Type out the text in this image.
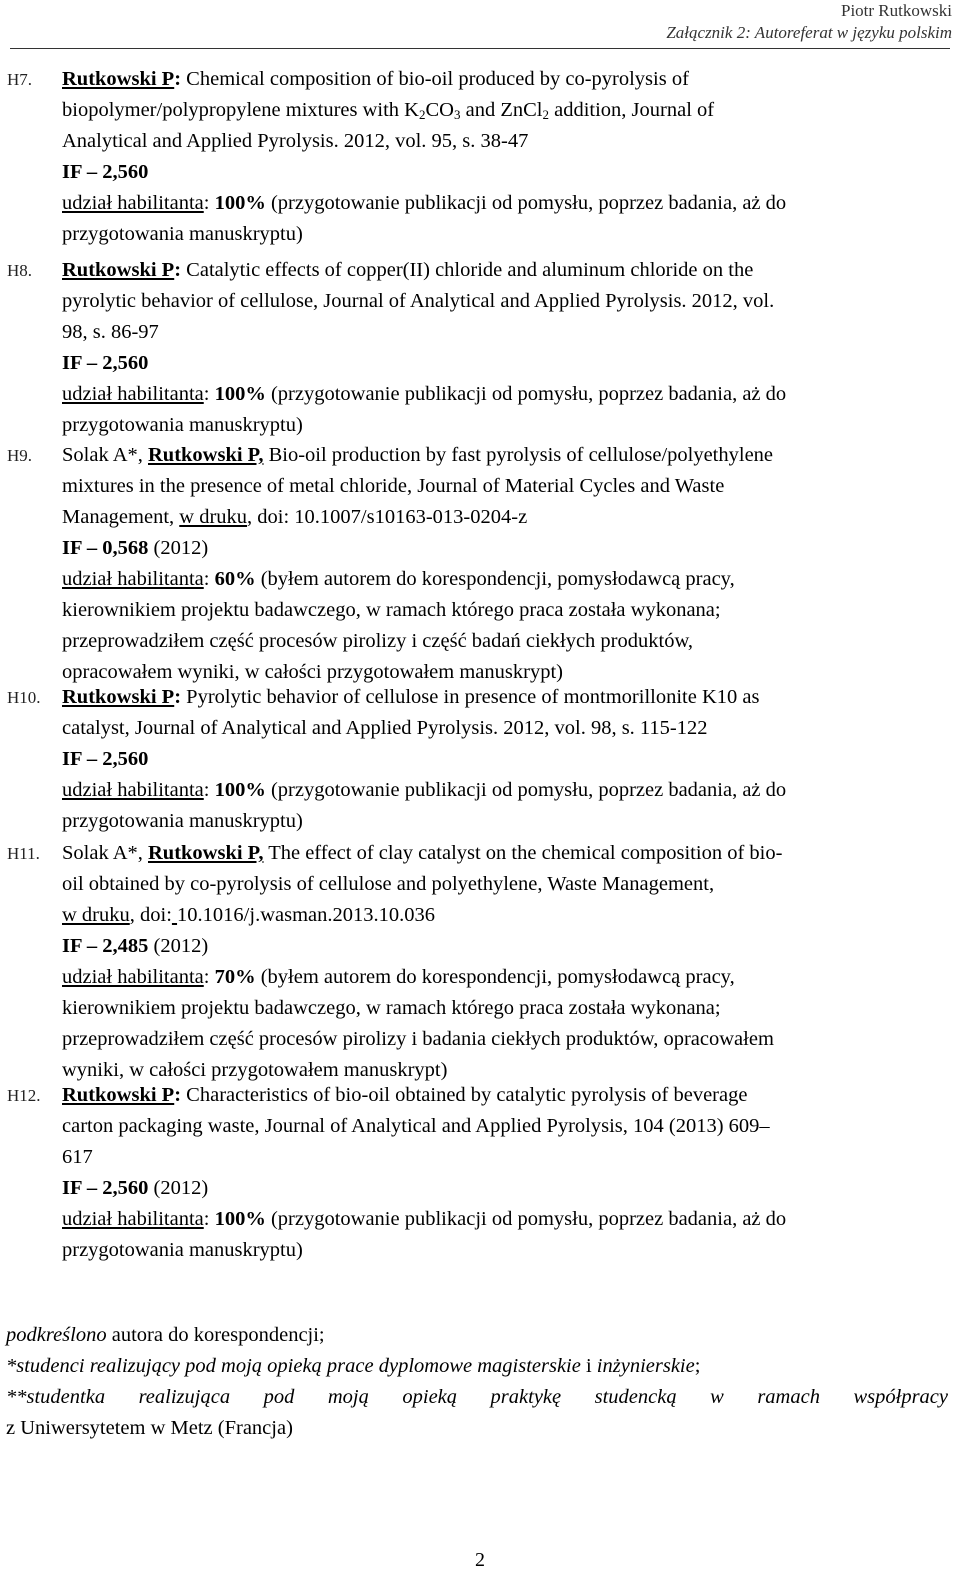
Piotr Rutkowski
Załącznik 2: Autoreferat w języku polskim
H7. Rutkowski P: Chemical composition of bio-oil produced by co-pyrolysis of
biopolymer/polypropylene mixtures with $K_2CO_3$ and ZnCl$_2$ addition, Journal of
Analytical and Applied Pyrolysis. 2012, vol. 95, s. 38-47
IF – 2,560
udział habilitanta: 100% (przygotowanie publikacji od pomysłu, poprzez badania, aż do
przygotowania manuskryptu)
H8. Rutkowski P: Catalytic effects of copper(II) chloride and aluminum chloride on the
pyrolytic behavior of cellulose, Journal of Analytical and Applied Pyrolysis. 2012, vol.
98, s. 86-97
IF – 2,560
udział habilitanta: 100% (przygotowanie publikacji od pomysłu, poprzez badania, aż do
przygotowania manuskryptu)
H9. Solak A*, Rutkowski P, Bio-oil production by fast pyrolysis of cellulose/polyethylene
mixtures in the presence of metal chloride, Journal of Material Cycles and Waste
Management, w druku, doi: 10.1007/s10163-013-0204-z
IF – 0,568 (2012)
udział habilitanta: 60% (byłem autorem do korespondencji, pomysłodawcą pracy,
kierownikiem projektu badawczego, w ramach którego praca została wykonana;
przeprowadziłem część procesów pirolizy i część badań ciekłych produktów,
opracowałem wyniki, w całości przygotowałem manuskrypt)
H10. Rutkowski P: Pyrolytic behavior of cellulose in presence of montmorillonite K10 as
catalyst, Journal of Analytical and Applied Pyrolysis. 2012, vol. 98, s. 115-122
IF – 2,560
udział habilitanta: 100% (przygotowanie publikacji od pomysłu, poprzez badania, aż do
przygotowania manuskryptu)
H11. Solak A*, Rutkowski P, The effect of clay catalyst on the chemical composition of bio-
oil obtained by co-pyrolysis of cellulose and polyethylene, Waste Management,
w druku, doi: 10.1016/j.wasman.2013.10.036
IF – 2,485 (2012)
udział habilitanta: 70% (byłem autorem do korespondencji, pomysłodawcą pracy,
kierownikiem projektu badawczego, w ramach którego praca została wykonana;
przeprowadziłem część procesów pirolizy i badania ciekłych produktów, opracowałem
wyniki, w całości przygotowałem manuskrypt)
H12. Rutkowski P: Characteristics of bio-oil obtained by catalytic pyrolysis of beverage
carton packaging waste, Journal of Analytical and Applied Pyrolysis, 104 (2013) 609–
617
IF – 2,560 (2012)
udział habilitanta: 100% (przygotowanie publikacji od pomysłu, poprzez badania, aż do
przygotowania manuskryptu)
podkreślono autora do korespondencji;
*studenci realizujący pod moją opieką prace dyplomowe magisterskie i inżynierskie;
**studentka realizująca pod moją opieką praktykę studencką w ramach współpracy
z Uniwersytetem w Metz (Francja)
2
